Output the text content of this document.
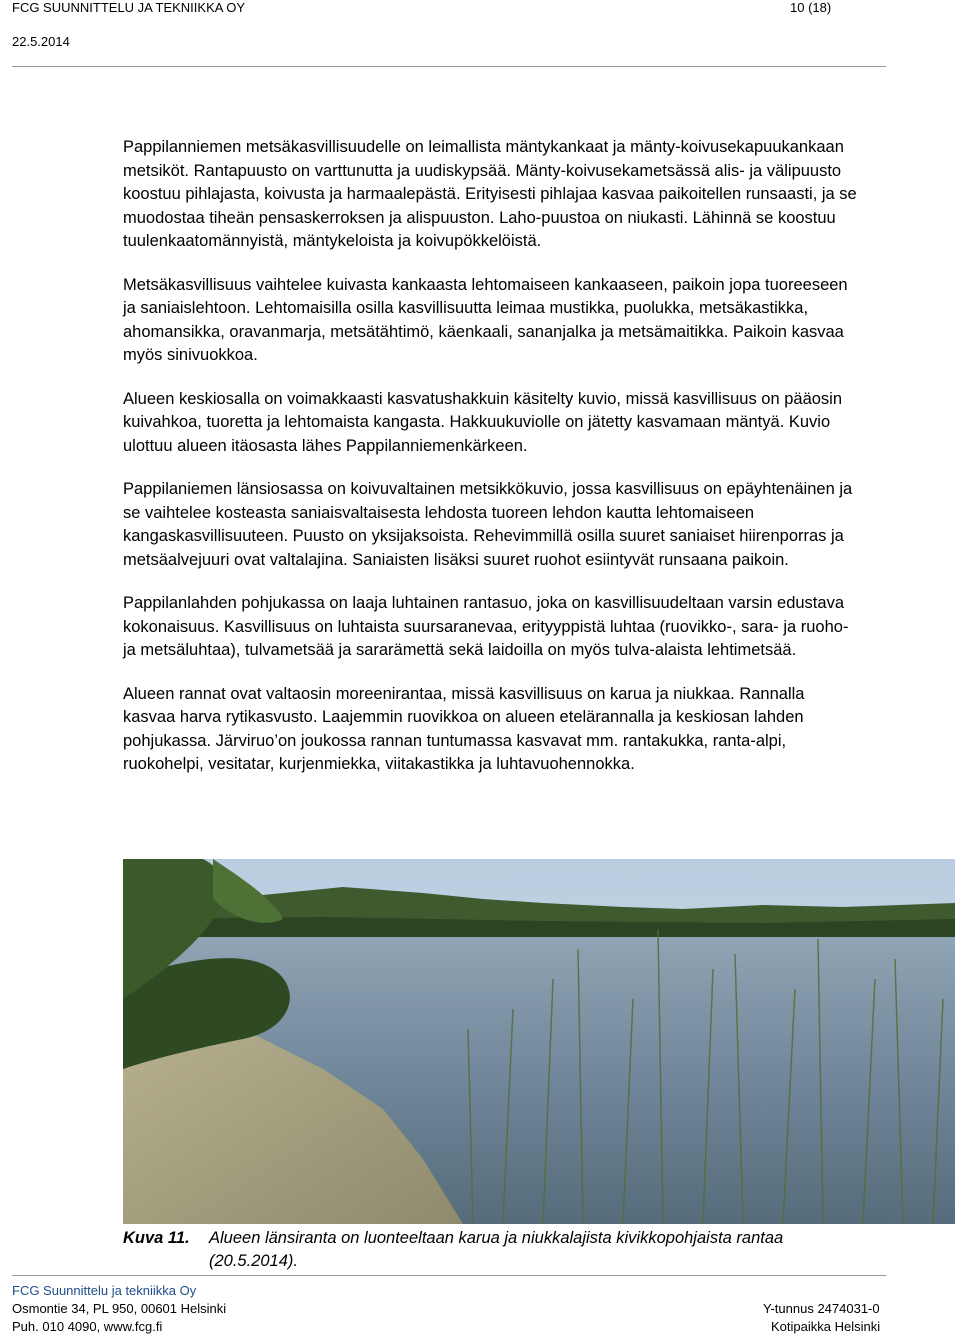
FCG SUUNNITTELU JA TEKNIIKKA OY	10 (18)
22.5.2014

Pappilanniemen metsäkasvillisuudelle on leimallista mäntykankaat ja mänty-koivusekapuukankaan metsiköt. Rantapuusto on varttunutta ja uudiskypsää. Mänty-koivusekametsässä alis- ja välipuusto koostuu pihlajasta, koivusta ja harmaalepästä. Erityisesti pihlajaa kasvaa paikoitellen runsaasti, ja se muodostaa tiheän pensaskerroksen ja alispuuston. Laho-puustoa on niukasti. Lähinnä se koostuu tuulenkaatomännyistä, mäntykeloista ja koivupökkelöistä.

Metsäkasvillisuus vaihtelee kuivasta kankaasta lehtomaiseen kankaaseen, paikoin jopa tuoreeseen ja saniaislehtoon. Lehtomaisilla osilla kasvillisuutta leimaa mustikka, puolukka, metsäkastikka, ahomansikka, oravanmarja, metsätähtimö, käenkaali, sananjalka ja metsämaitikka. Paikoin kasvaa myös sinivuokkoa.

Alueen keskiosalla on voimakkaasti kasvatushakkuin käsitelty kuvio, missä kasvillisuus on pääosin kuivahkoa, tuoretta ja lehtomaista kangasta. Hakkuukuviolle on jätetty kasvamaan mäntyä. Kuvio ulottuu alueen itäosasta lähes Pappilanniemenkärkeen.

Pappilaniemen länsiosassa on koivuvaltainen metsikkökuvio, jossa kasvillisuus on epäyhtenäinen ja se vaihtelee kosteasta saniaisvaltaisesta lehdosta tuoreen lehdon kautta lehtomaiseen kangaskasvillisuuteen. Puusto on yksijaksoista. Rehevimmillä osilla suuret saniaiset hiirenporras ja metsäalvejuuri ovat valtalajina. Saniaisten lisäksi suuret ruohot esiintyvät runsaana paikoin.

Pappilanlahden pohjukassa on laaja luhtainen rantasuo, joka on kasvillisuudeltaan varsin edustava kokonaisuus. Kasvillisuus on luhtaista suursaranevaa, erityyppistä luhtaa (ruovikko-, sara- ja ruoho- ja metsäluhtaa), tulvametsää ja sararämettä sekä laidoilla on myös tulva-alaista lehtimetsää.

Alueen rannat ovat valtaosin moreenirantaa, missä kasvillisuus on karua ja niukkaa. Rannalla kasvaa harva rytikasvusto. Laajemmin ruovikkoa on alueen etelärannalla ja keskiosan lahden pohjukassa. Järviruo’on joukossa rannan tuntumassa kasvavat mm. rantakukka, ranta-alpi, ruokohelpi, vesitatar, kurjenmiekka, viitakastikka ja luhtavuohennokka.

Kuva 11. Alueen länsiranta on luonteeltaan karua ja niukkalajista kivikkopohjaista rantaa
(20.5.2014).
FCG Suunnittelu ja tekniikka Oy
Osmontie 34, PL 950, 00601 Helsinki
Puh. 010 4090, www.fcg.fi
Y-tunnus 2474031-0
Kotipaikka Helsinki
